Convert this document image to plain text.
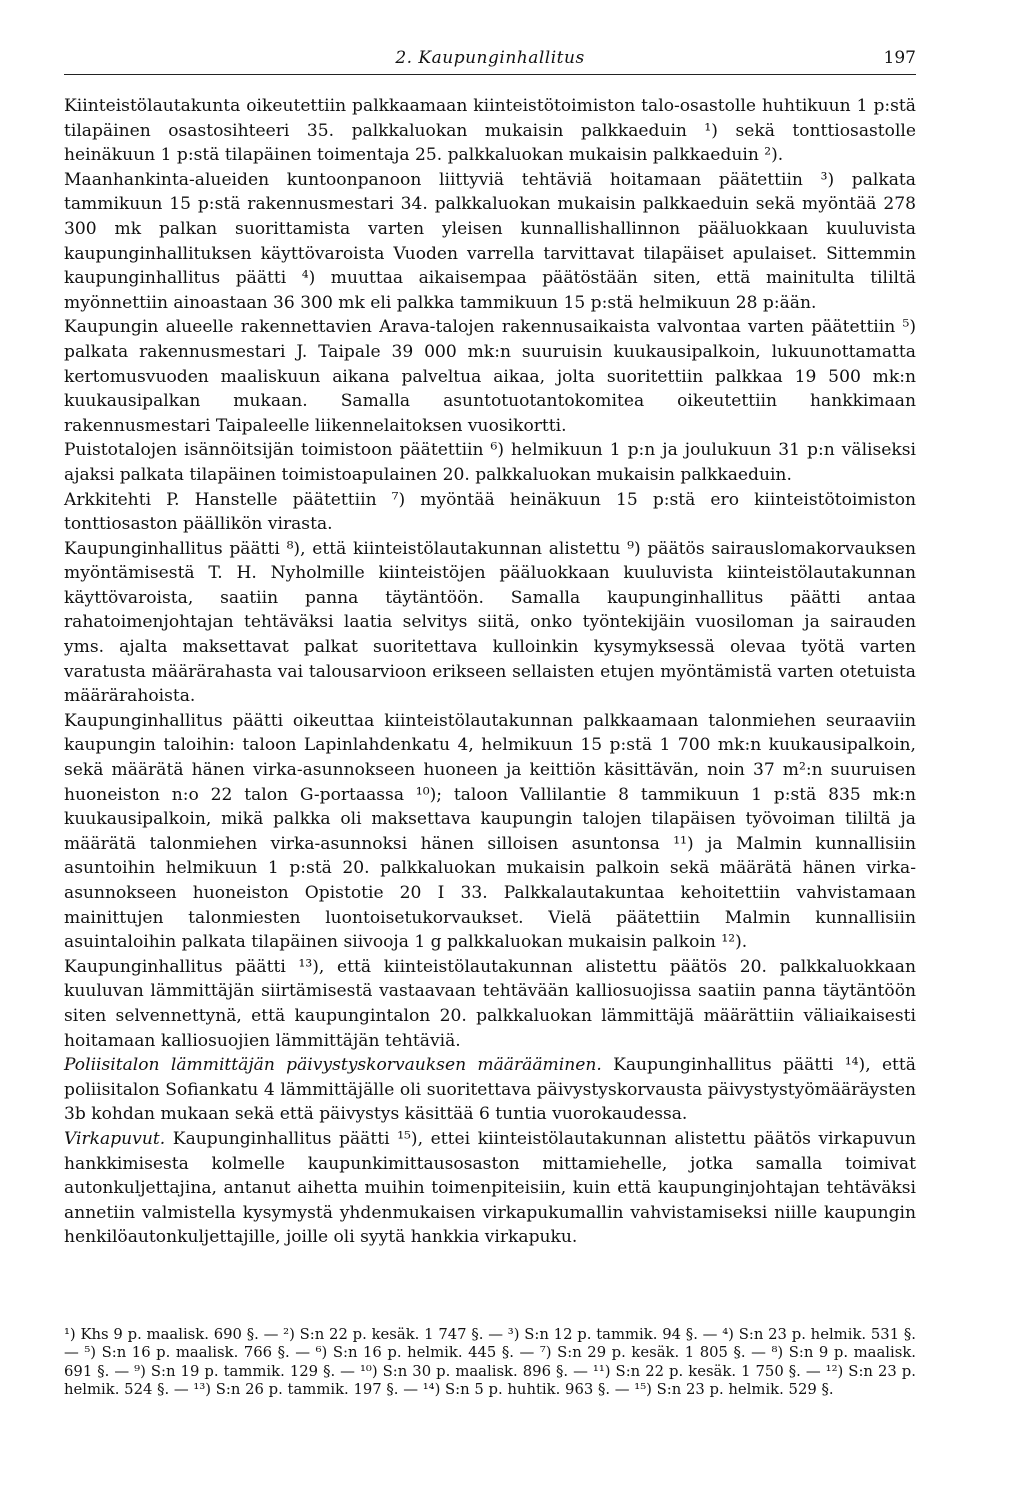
2. Kaupunginhallitus	197

Kiinteistölautakunta oikeutettiin palkkaamaan kiinteistötoimiston talo-osastolle huhtikuun 1 p:stä tilapäinen osastosihteeri 35. palkkaluokan mukaisin palkkaeduin ¹) sekä tonttiosastolle heinäkuun 1 p:stä tilapäinen toimentaja 25. palkkaluokan mukaisin palkkaeduin ²).

Maanhankinta-alueiden kuntoonpanoon liittyviä tehtäviä hoitamaan päätettiin ³) palkata tammikuun 15 p:stä rakennusmestari 34. palkkaluokan mukaisin palkkaeduin sekä myöntää 278 300 mk palkan suorittamista varten yleisen kunnallishallinnon pääluokkaan kuuluvista kaupunginhallituksen käyttövaroista Vuoden varrella tarvittavat tilapäiset apulaiset. Sittemmin kaupunginhallitus päätti ⁴) muuttaa aikaisempaa päätöstään siten, että mainitulta tililtä myönnettiin ainoastaan 36 300 mk eli palkka tammikuun 15 p:stä helmikuun 28 p:ään.

Kaupungin alueelle rakennettavien Arava-talojen rakennusaikaista valvontaa varten päätettiin ⁵) palkata rakennusmestari J. Taipale 39 000 mk:n suuruisin kuukausipalkoin, lukuunottamatta kertomusvuoden maaliskuun aikana palveltua aikaa, jolta suoritettiin palkkaa 19 500 mk:n kuukausipalkan mukaan. Samalla asuntotuotantokomitea oikeutettiin hankkimaan rakennusmestari Taipaleelle liikennelaitoksen vuosikortti.

Puistotalojen isännöitsijän toimistoon päätettiin ⁶) helmikuun 1 p:n ja joulukuun 31 p:n väliseksi ajaksi palkata tilapäinen toimistoapulainen 20. palkkaluokan mukaisin palkkaeduin.

Arkkitehti P. Hanstelle päätettiin ⁷) myöntää heinäkuun 15 p:stä ero kiinteistötoimiston tonttiosaston päällikön virasta.

Kaupunginhallitus päätti ⁸), että kiinteistölautakunnan alistettu ⁹) päätös sairauslomakorvauksen myöntämisestä T. H. Nyholmille kiinteistöjen pääluokkaan kuuluvista kiinteistölautakunnan käyttövaroista, saatiin panna täytäntöön. Samalla kaupunginhallitus päätti antaa rahatoimenjohtajan tehtäväksi laatia selvitys siitä, onko työntekijäin vuosiloman ja sairauden yms. ajalta maksettavat palkat suoritettava kulloinkin kysymyksessä olevaa työtä varten varatusta määrärahasta vai talousarvioon erikseen sellaisten etujen myöntämistä varten otetuista määrärahoista.

Kaupunginhallitus päätti oikeuttaa kiinteistölautakunnan palkkaamaan talonmiehen seuraaviin kaupungin taloihin: taloon Lapinlahdenkatu 4, helmikuun 15 p:stä 1 700 mk:n kuukausipalkoin, sekä määrätä hänen virka-asunnokseen huoneen ja keittiön käsittävän, noin 37 m²:n suuruisen huoneiston n:o 22 talon G-portaassa ¹⁰); taloon Vallilantie 8 tammikuun 1 p:stä 835 mk:n kuukausipalkoin, mikä palkka oli maksettava kaupungin talojen tilapäisen työvoiman tililtä ja määrätä talonmiehen virka-asunnoksi hänen silloisen asuntonsa ¹¹) ja Malmin kunnallisiin asuntoihin helmikuun 1 p:stä 20. palkkaluokan mukaisin palkoin sekä määrätä hänen virka-asunnokseen huoneiston Opistotie 20 I 33. Palkkalautakuntaa kehoitettiin vahvistamaan mainittujen talonmiesten luontoisetukorvaukset. Vielä päätettiin Malmin kunnallisiin asuintaloihin palkata tilapäinen siivooja 1 g palkkaluokan mukaisin palkoin ¹²).

Kaupunginhallitus päätti ¹³), että kiinteistölautakunnan alistettu päätös 20. palkkaluokkaan kuuluvan lämmittäjän siirtämisestä vastaavaan tehtävään kalliosuojissa saatiin panna täytäntöön siten selvennettynä, että kaupungintalon 20. palkkaluokan lämmittäjä määrättiin väliaikaisesti hoitamaan kalliosuojien lämmittäjän tehtäviä.

Poliisitalon lämmittäjän päivystyskorvauksen määrääminen. Kaupunginhallitus päätti ¹⁴), että poliisitalon Sofiankatu 4 lämmittäjälle oli suoritettava päivystyskorvausta päivystystyömääräysten 3b kohdan mukaan sekä että päivystys käsittää 6 tuntia vuorokaudessa.

Virkapuvut. Kaupunginhallitus päätti ¹⁵), ettei kiinteistölautakunnan alistettu päätös virkapuvun hankkimisesta kolmelle kaupunkimittausosaston mittamiehelle, jotka samalla toimivat autonkuljettajina, antanut aihetta muihin toimenpiteisiin, kuin että kaupunginjohtajan tehtäväksi annetiin valmistella kysymystä yhdenmukaisen virkapukumallin vahvistamiseksi niille kaupungin henkilöautonkuljettajille, joille oli syytä hankkia virkapuku.

¹) Khs 9 p. maalisk. 690 §. — ²) S:n 22 p. kesäk. 1 747 §. — ³) S:n 12 p. tammik. 94 §. — ⁴) S:n 23 p. helmik. 531 §. — ⁵) S:n 16 p. maalisk. 766 §. — ⁶) S:n 16 p. helmik. 445 §. — ⁷) S:n 29 p. kesäk. 1 805 §. — ⁸) S:n 9 p. maalisk. 691 §. — ⁹) S:n 19 p. tammik. 129 §. — ¹⁰) S:n 30 p. maalisk. 896 §. — ¹¹) S:n 22 p. kesäk. 1 750 §. — ¹²) S:n 23 p. helmik. 524 §. — ¹³) S:n 26 p. tammik. 197 §. — ¹⁴) S:n 5 p. huhtik. 963 §. — ¹⁵) S:n 23 p. helmik. 529 §.
